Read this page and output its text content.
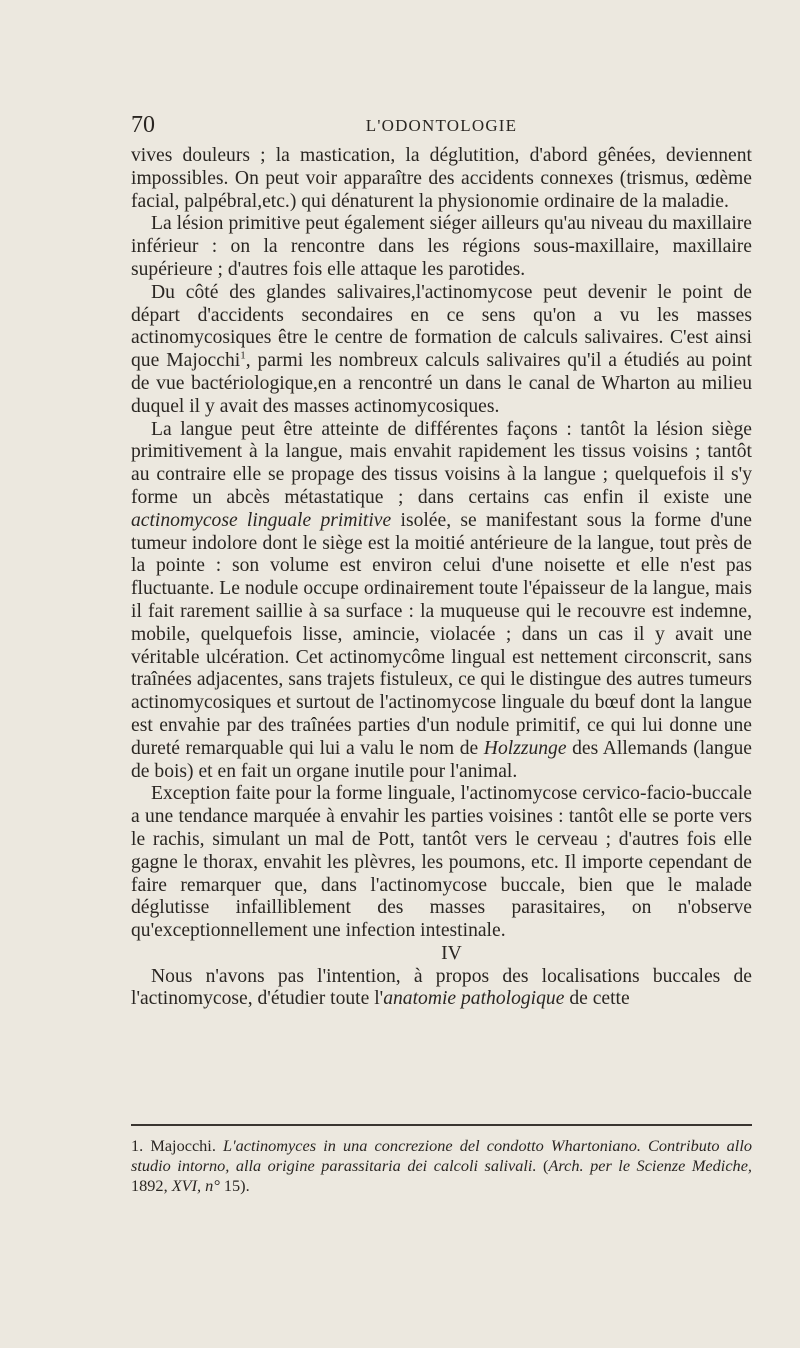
70	L'ODONTOLOGIE

vives douleurs ; la mastication, la déglutition, d'abord gênées, deviennent impossibles. On peut voir apparaître des accidents connexes (trismus, œdème facial, palpébral,etc.) qui dénaturent la physionomie ordinaire de la maladie.

La lésion primitive peut également siéger ailleurs qu'au niveau du maxillaire inférieur : on la rencontre dans les régions sous-maxillaire, maxillaire supérieure ; d'autres fois elle attaque les parotides.

Du côté des glandes salivaires,l'actinomycose peut devenir le point de départ d'accidents secondaires en ce sens qu'on a vu les masses actinomycosiques être le centre de formation de calculs salivaires. C'est ainsi que Majocchi$^1$, parmi les nombreux calculs salivaires qu'il a étudiés au point de vue bactériologique,en a rencontré un dans le canal de Wharton au milieu duquel il y avait des masses actinomycosiques.

La langue peut être atteinte de différentes façons : tantôt la lésion siège primitivement à la langue, mais envahit rapidement les tissus voisins ; tantôt au contraire elle se propage des tissus voisins à la langue ; quelquefois il s'y forme un abcès métastatique ; dans certains cas enfin il existe une actinomycose linguale primitive isolée, se manifestant sous la forme d'une tumeur indolore dont le siège est la moitié antérieure de la langue, tout près de la pointe : son volume est environ celui d'une noisette et elle n'est pas fluctuante. Le nodule occupe ordinairement toute l'épaisseur de la langue, mais il fait rarement saillie à sa surface : la muqueuse qui le recouvre est indemne, mobile, quelquefois lisse, amincie, violacée ; dans un cas il y avait une véritable ulcération. Cet actinomycôme lingual est nettement circonscrit, sans traînées adjacentes, sans trajets fistuleux, ce qui le distingue des autres tumeurs actinomycosiques et surtout de l'actinomycose linguale du bœuf dont la langue est envahie par des traînées parties d'un nodule primitif, ce qui lui donne une dureté remarquable qui lui a valu le nom de Holzzunge des Allemands (langue de bois) et en fait un organe inutile pour l'animal.

Exception faite pour la forme linguale, l'actinomycose cervico-facio-buccale a une tendance marquée à envahir les parties voisines : tantôt elle se porte vers le rachis, simulant un mal de Pott, tantôt vers le cerveau ; d'autres fois elle gagne le thorax, envahit les plèvres, les poumons, etc. Il importe cependant de faire remarquer que, dans l'actinomycose buccale, bien que le malade déglutisse infailliblement des masses parasitaires, on n'observe qu'exceptionnellement une infection intestinale.

IV

Nous n'avons pas l'intention, à propos des localisations buccales de l'actinomycose, d'étudier toute l'anatomie pathologique de cette

1. Majocchi. L'actinomyces in una concrezione del condotto Whartoniano. Contributo allo studio intorno, alla origine parassitaria dei calcoli salivali. (Arch. per le Scienze Mediche, 1892, XVI, n° 15).
